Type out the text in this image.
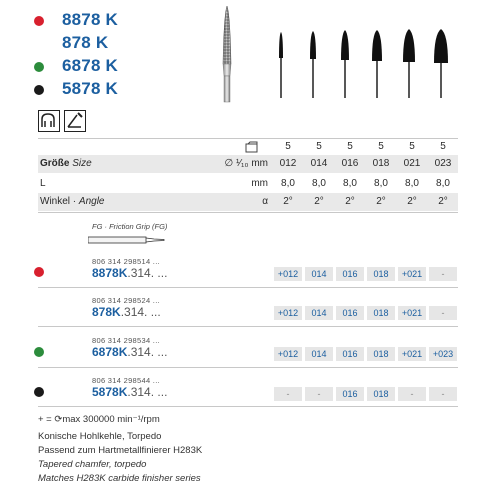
8878 K
878 K
6878 K
5878 K
5	5	5	5	5	5
Größe Size	∅ ¹⁄₁₀ mm	012	014	016	018	021	023
L	mm	8,0	8,0	8,0	8,0	8,0	8,0
Winkel · Angle	α	2°	2°	2°	2°	2°	2°
FG · Friction Grip (FG)
806 314 298514 ...
8878K.314. ...	+012	014	016	018	+021	-
806 314 298524 ...
878K.314. ...	+012	014	016	018	+021	-
806 314 298534 ...
6878K.314. ...	+012	014	016	018	+021	+023
806 314 298544 ...
5878K.314. ...	-	-	016	018	-	-
+ = ⟳max 300000 min⁻¹/rpm
Konische Hohlkehle, Torpedo
Passend zum Hartmetallfinierer H283K
Tapered chamfer, torpedo
Matches H283K carbide finisher series
